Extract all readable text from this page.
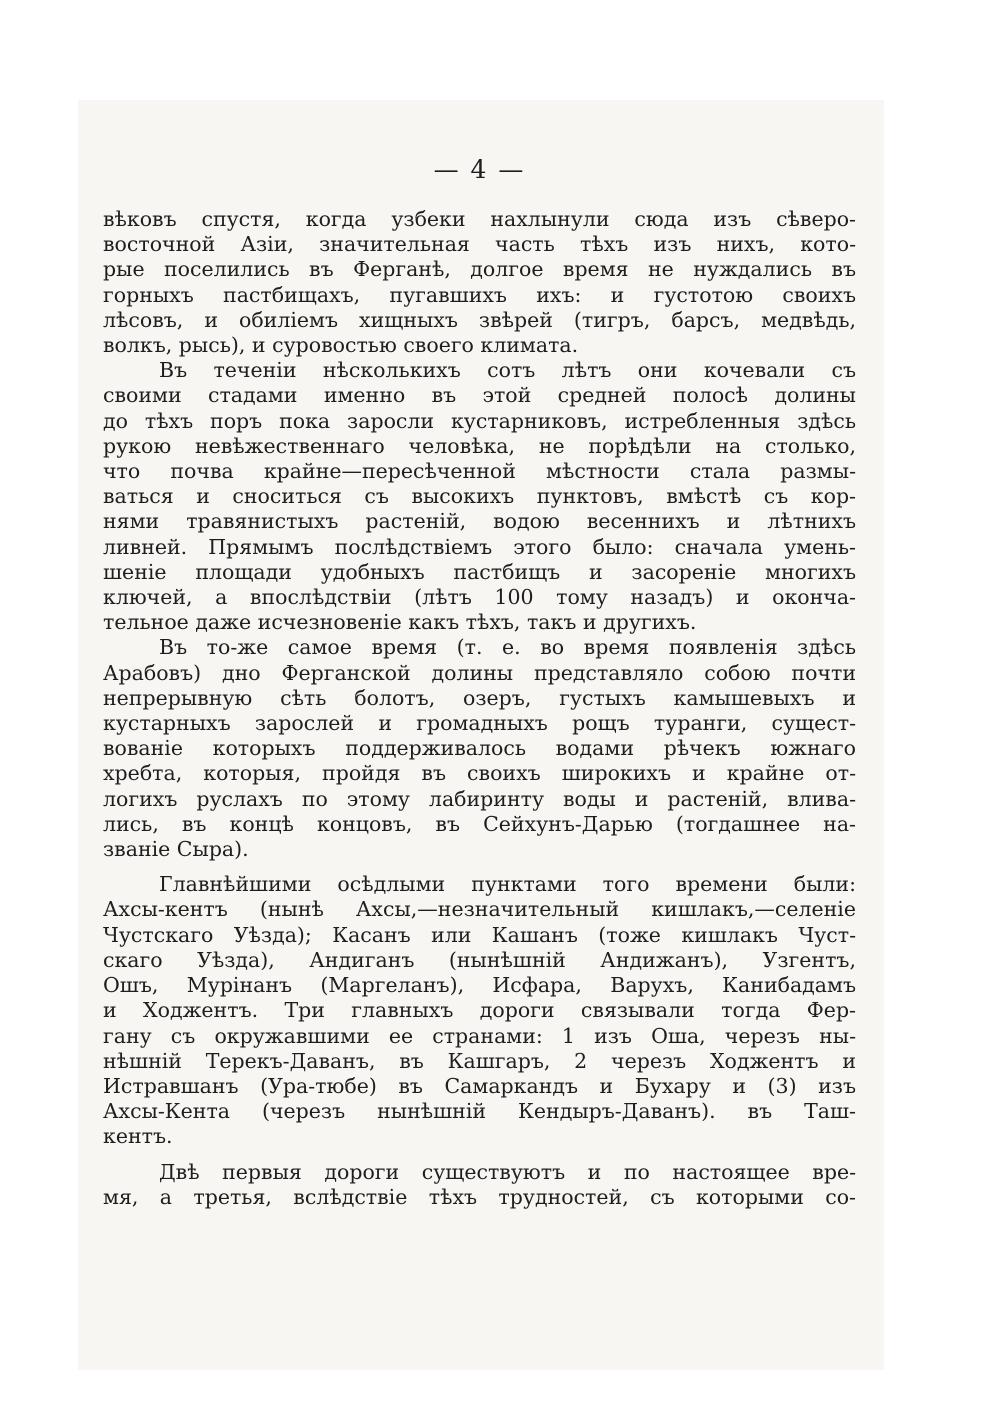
— 4 —

вѣковъ спустя, когда узбеки нахлынули сюда изъ сѣверо-
восточной Азіи, значительная часть тѣхъ изъ нихъ, кото-
рые поселились въ Ферганѣ, долгое время не нуждались въ
горныхъ пастбищахъ, пугавшихъ ихъ: и густотою своихъ
лѣсовъ, и обиліемъ хищныхъ звѣрей (тигръ, барсъ, медвѣдь,
волкъ, рысь), и суровостью своего климата.

Въ теченіи нѣсколькихъ сотъ лѣтъ они кочевали съ
своими стадами именно въ этой средней полосѣ долины
до тѣхъ поръ пока заросли кустарниковъ, истребленныя здѣсь
рукою невѣжественнаго человѣка, не порѣдѣли на столько,
что почва крайне—пересѣченной мѣстности стала размы-
ваться и сноситься съ высокихъ пунктовъ, вмѣстѣ съ кор-
нями травянистыхъ растеній, водою весеннихъ и лѣтнихъ
ливней. Прямымъ послѣдствіемъ этого было: сначала умень-
шеніе площади удобныхъ пастбищъ и засореніе многихъ
ключей, а впослѣдствіи (лѣтъ 100 тому назадъ) и оконча-
тельное даже исчезновеніе какъ тѣхъ, такъ и другихъ.

Въ то-же самое время (т. е. во время появленія здѣсь
Арабовъ) дно Ферганской долины представляло собою почти
непрерывную сѣть болотъ, озеръ, густыхъ камышевыхъ и
кустарныхъ зарослей и громадныхъ рощъ туранги, сущест-
вованіе которыхъ поддерживалось водами рѣчекъ южнаго
хребта, которыя, пройдя въ своихъ широкихъ и крайне от-
логихъ руслахъ по этому лабиринту воды и растеній, влива-
лись, въ концѣ концовъ, въ Сейхунъ-Дарью (тогдашнее на-
званіе Сыра).

Главнѣйшими осѣдлыми пунктами того времени были:
Ахсы-кентъ (нынѣ Ахсы,—незначительный кишлакъ,—селеніе
Чустскаго Уѣзда); Касанъ или Кашанъ (тоже кишлакъ Чуст-
скаго Уѣзда), Андиганъ (нынѣшній Андижанъ), Узгентъ,
Ошъ, Мурінанъ (Маргеланъ), Исфара, Варухъ, Канибадамъ
и Ходжентъ. Три главныхъ дороги связывали тогда Фер-
гану съ окружавшими ее странами: 1 изъ Оша, черезъ ны-
нѣшній Терекъ-Даванъ, въ Кашгаръ, 2 черезъ Ходжентъ и
Истравшанъ (Ура-тюбе) въ Самаркандъ и Бухару и (3) изъ
Ахсы-Кента (черезъ нынѣшній Кендыръ-Даванъ). въ Таш-
кентъ.

Двѣ первыя дороги существуютъ и по настоящее вре-
мя, а третья, вслѣдствіе тѣхъ трудностей, съ которыми со-
